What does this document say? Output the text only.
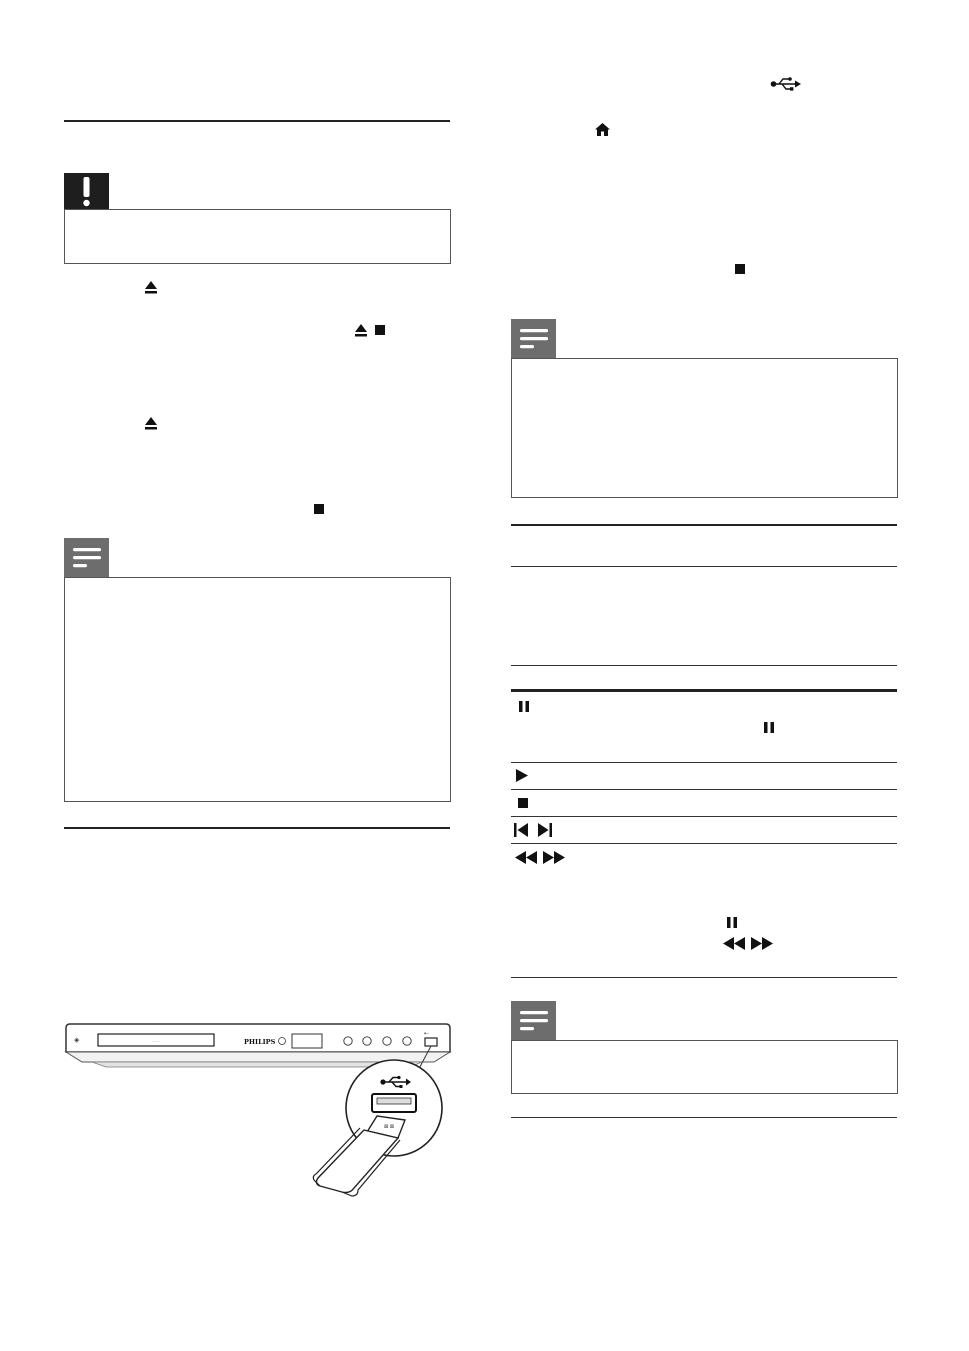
........
◈	PHILIPS
⇠
⊠ ⊠
